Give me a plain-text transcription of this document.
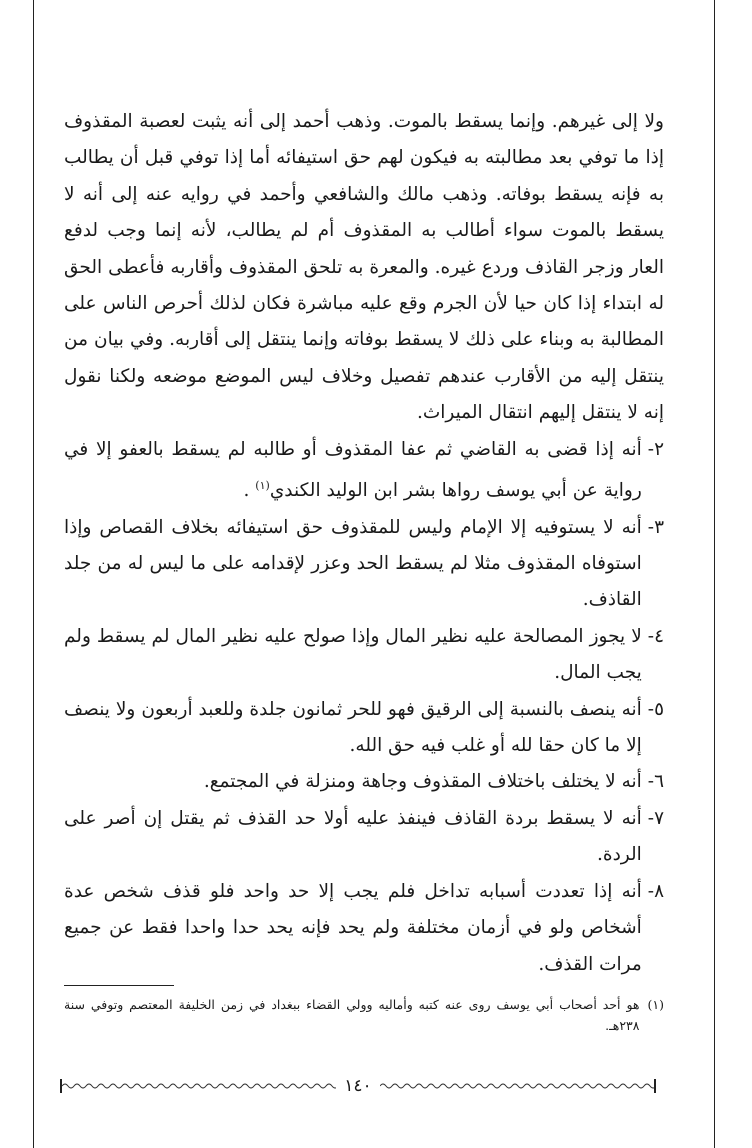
ولا إلى غيرهم. وإنما يسقط بالموت. وذهب أحمد إلى أنه يثبت لعصبة المقذوف إذا ما توفي بعد مطالبته به فيكون لهم حق استيفائه أما إذا توفي قبل أن يطالب به فإنه يسقط بوفاته. وذهب مالك والشافعي وأحمد في روايه عنه إلى أنه لا يسقط بالموت سواء أطالب به المقذوف أم لم يطالب، لأنه إنما وجب لدفع العار وزجر القاذف وردع غيره. والمعرة به تلحق المقذوف وأقاربه فأعطى الحق له ابتداء إذا كان حيا لأن الجرم وقع عليه مباشرة فكان لذلك أحرص الناس على المطالبة به وبناء على ذلك لا يسقط بوفاته وإنما ينتقل إلى أقاربه. وفي بيان من ينتقل إليه من الأقارب عندهم تفصيل وخلاف ليس الموضع موضعه ولكنا نقول إنه لا ينتقل إليهم انتقال الميراث.

٢-
أنه إذا قضى به القاضي ثم عفا المقذوف أو طالبه لم يسقط بالعفو إلا في رواية عن أبي يوسف رواها بشر ابن الوليد الكندي$^{(١)}$ .
٣-
أنه لا يستوفيه إلا الإمام وليس للمقذوف حق استيفائه بخلاف القصاص وإذا استوفاه المقذوف مثلا لم يسقط الحد وعزر لإقدامه على ما ليس له من جلد القاذف.
٤-
لا يجوز المصالحة عليه نظير المال وإذا صولح عليه نظير المال لم يسقط ولم يجب المال.
٥-
أنه ينصف بالنسبة إلى الرقيق فهو للحر ثمانون جلدة وللعبد أربعون ولا ينصف إلا ما كان حقا لله أو غلب فيه حق الله.
٦-
أنه لا يختلف باختلاف المقذوف وجاهة ومنزلة في المجتمع.
٧-
أنه لا يسقط بردة القاذف فينفذ عليه أولا حد القذف ثم يقتل إن أصر على الردة.
٨-
أنه إذا تعددت أسبابه تداخل فلم يجب إلا حد واحد فلو قذف شخص عدة أشخاص ولو في أزمان مختلفة ولم يحد فإنه يحد حدا واحدا فقط عن جميع مرات القذف.
(١)
هو أحد أصحاب أبي يوسف روى عنه كتبه وأماليه وولي القضاء ببغداد في زمن الخليفة المعتصم وتوفي سنة ٢٣٨هـ.
١٤٠
